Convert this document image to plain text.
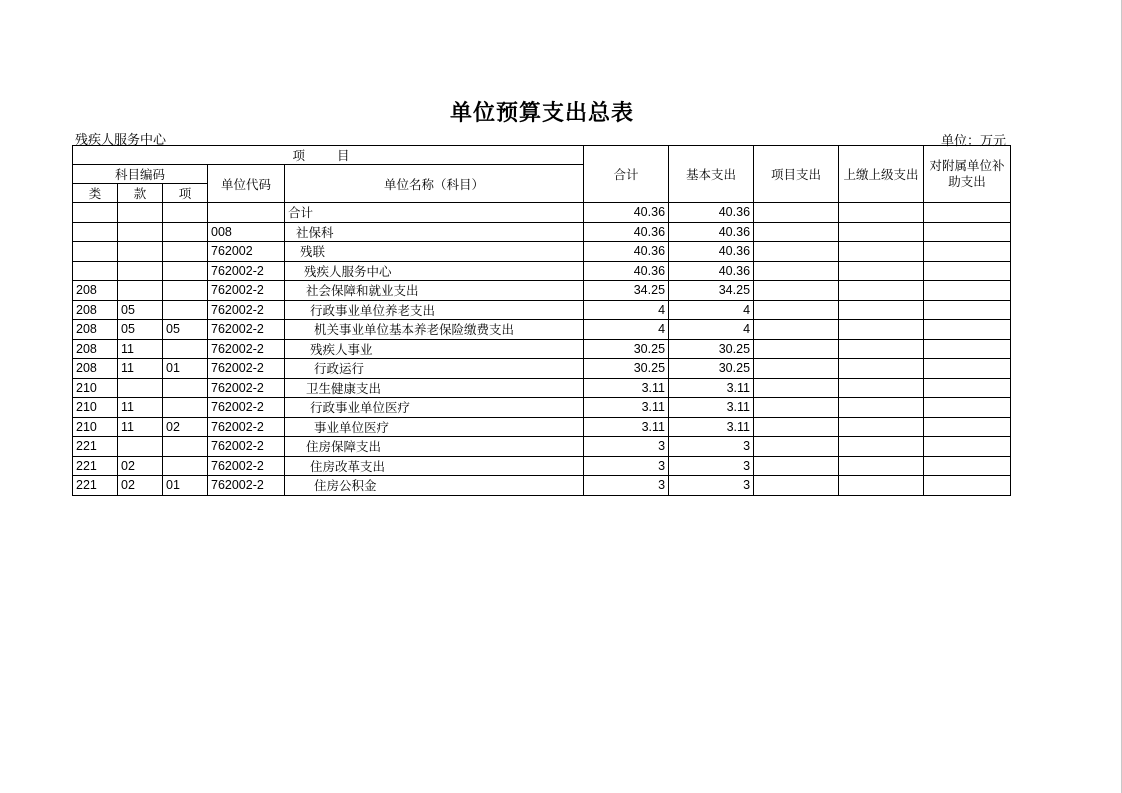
单位预算支出总表
残疾人服务中心	单位：万元
项 目					合计	基本支出	项目支出	上缴上级支出	对附属单位补助支出
科目编码			单位代码	单位名称（科目）					
类	款	项							
				合计	40.36	40.36			
			008	社保科	40.36	40.36			
			762002	残联	40.36	40.36			
			762002-2	残疾人服务中心	40.36	40.36			
208			762002-2	社会保障和就业支出	34.25	34.25			
208	05		762002-2	行政事业单位养老支出	4	4			
208	05	05	762002-2	机关事业单位基本养老保险缴费支出	4	4			
208	11		762002-2	残疾人事业	30.25	30.25			
208	11	01	762002-2	行政运行	30.25	30.25			
210			762002-2	卫生健康支出	3.11	3.11			
210	11		762002-2	行政事业单位医疗	3.11	3.11			
210	11	02	762002-2	事业单位医疗	3.11	3.11			
221			762002-2	住房保障支出	3	3			
221	02		762002-2	住房改革支出	3	3			
221	02	01	762002-2	住房公积金	3	3			
